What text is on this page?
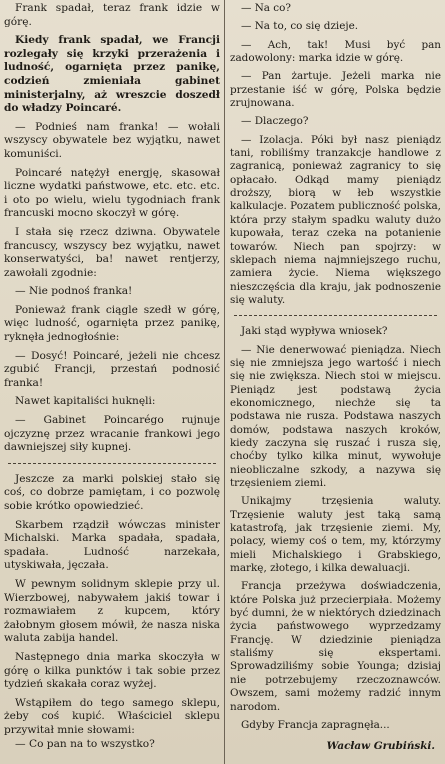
Frank spadał, teraz frank idzie w górę.

Kiedy frank spadał, we Francji rozlegały się krzyki przerażenia i ludność, ogarnięta przez panikę, codzień zmieniała gabinet ministerjalny, aż wreszcie doszedł do władzy Poincaré.

— Podnieś nam franka! — wołali wszyscy obywatele bez wyjątku, nawet komuniści.

Poincaré natężył energję, skasował liczne wydatki państwowe, etc. etc. etc. i oto po wielu, wielu tygodniach frank francuski mocno skoczył w górę.

I stała się rzecz dziwna. Obywatele francuscy, wszyscy bez wyjątku, nawet konserwatyści, ba! nawet rentjerzy, zawołali zgodnie:

— Nie podnoś franka!

Ponieważ frank ciągle szedł w górę, więc ludność, ogarnięta przez panikę, ryknęła jednogłośnie:

— Dosyć! Poincaré, jeżeli nie chcesz zgubić Francji, przestań podnosić franka!

Nawet kapitaliści huknęli:

— Gabinet Poincarégo rujnuje ojczyznę przez wracanie frankowi jego dawniejszej siły kupnej.

Jeszcze za marki polskiej stało się coś, co dobrze pamiętam, i co pozwolę sobie krótko opowiedzieć.

Skarbem rządził wówczas minister Michalski. Marka spadała, spadała, spadała. Ludność narzekała, utyskiwała, jęczała.

W pewnym solidnym sklepie przy ul. Wierzbowej, nabywałem jakiś towar i rozmawiałem z kupcem, który żałobnym głosem mówił, że nasza niska waluta zabija handel.

Następnego dnia marka skoczyła w górę o kilka punktów i tak sobie przez tydzień skakała coraz wyżej.

Wstąpiłem do tego samego sklepu, żeby coś kupić. Właściciel sklepu przywitał mnie słowami:

— Co pan na to wszystko?

— Na co?

— Na to, co się dzieje.

— Ach, tak! Musi być pan zadowolony: marka idzie w górę.

— Pan żartuje. Jeżeli marka nie przestanie iść w górę, Polska będzie zrujnowana.

— Dlaczego?

— Izolacja. Póki był nasz pieniądz tani, robiliśmy tranzakcje handlowe z zagranicą, ponieważ zagranicy to się opłacało. Odkąd mamy pieniądz droższy, biorą w łeb wszystkie kalkulacje. Pozatem publiczność polska, która przy stałym spadku waluty dużo kupowała, teraz czeka na potanienie towarów. Niech pan spojrzy: w sklepach niema najmniejszego ruchu, zamiera życie. Niema większego nieszczęścia dla kraju, jak podnoszenie się waluty.

Jaki stąd wypływa wniosek?

— Nie denerwować pieniądza. Niech się nie zmniejsza jego wartość i niech się nie zwiększa. Niech stoi w miejscu. Pieniądz jest podstawą życia ekonomicznego, niechże się ta podstawa nie rusza. Podstawa naszych domów, podstawa naszych kroków, kiedy zaczyna się ruszać i rusza się, choćby tylko kilka minut, wywołuje nieobliczalne szkody, a nazywa się trzęsieniem ziemi.

Unikajmy trzęsienia waluty. Trzęsienie waluty jest taką samą katastrofą, jak trzęsienie ziemi. My, polacy, wiemy coś o tem, my, którzymy mieli Michalskiego i Grabskiego, markę, złotego, i kilka dewaluacji.

Francja przeżywa doświadczenia, które Polska już przecierpiała. Możemy być dumni, że w niektórych dziedzinach życia państwowego wyprzedzamy Francję. W dziedzinie pieniądza staliśmy się ekspertami. Sprowadziliśmy sobie Younga; dzisiaj nie potrzebujemy rzeczoznawców. Owszem, sami możemy radzić innym narodom.

Gdyby Francja zapragnęła...

Wacław Grubiński.
